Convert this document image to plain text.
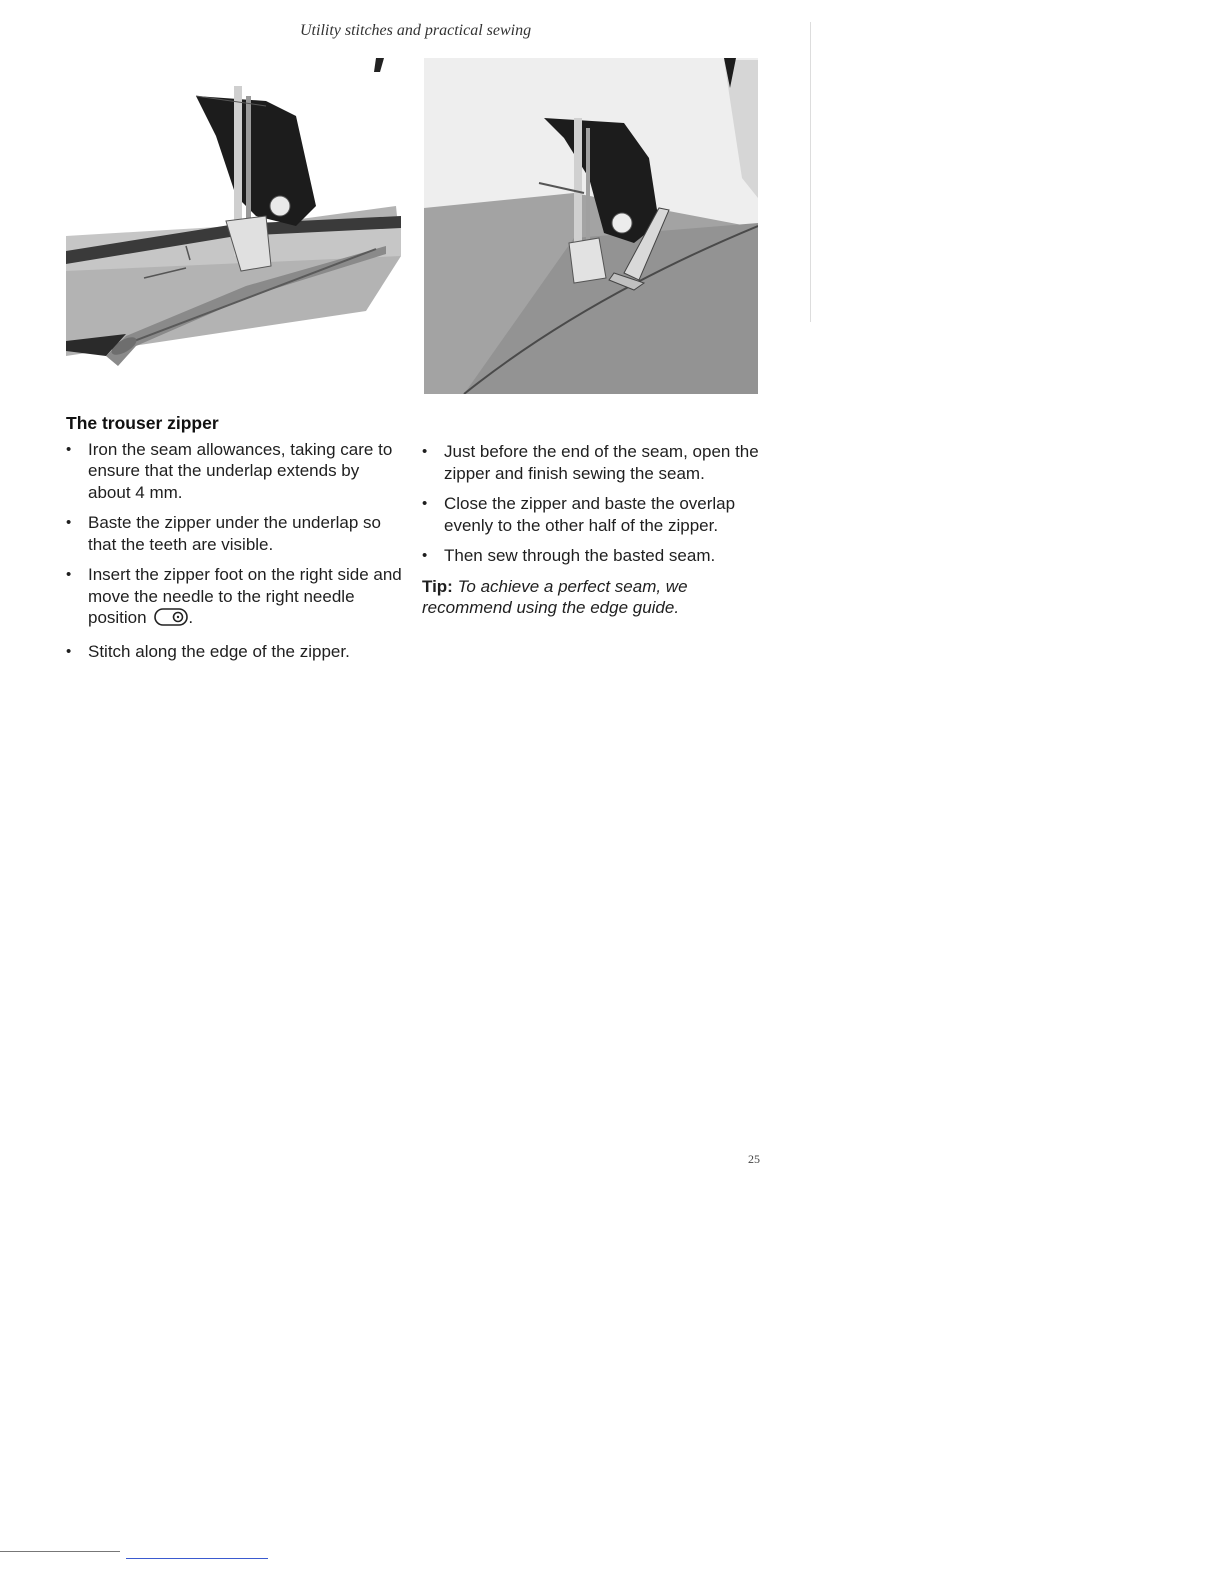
Utility stitches and practical sewing
The trouser zipper
• Iron the seam allowances, taking care to ensure that the underlap extends by about 4 mm.
• Baste the zipper under the underlap so that the teeth are visible.
• Insert the zipper foot on the right side and move the needle to the right needle position .
• Stitch along the edge of the zipper.
• Just before the end of the seam, open the zipper and finish sewing the seam.
• Close the zipper and baste the overlap evenly to the other half of the zipper.
• Then sew through the basted seam.

Tip: To achieve a perfect seam, we recommend using the edge guide.

25
